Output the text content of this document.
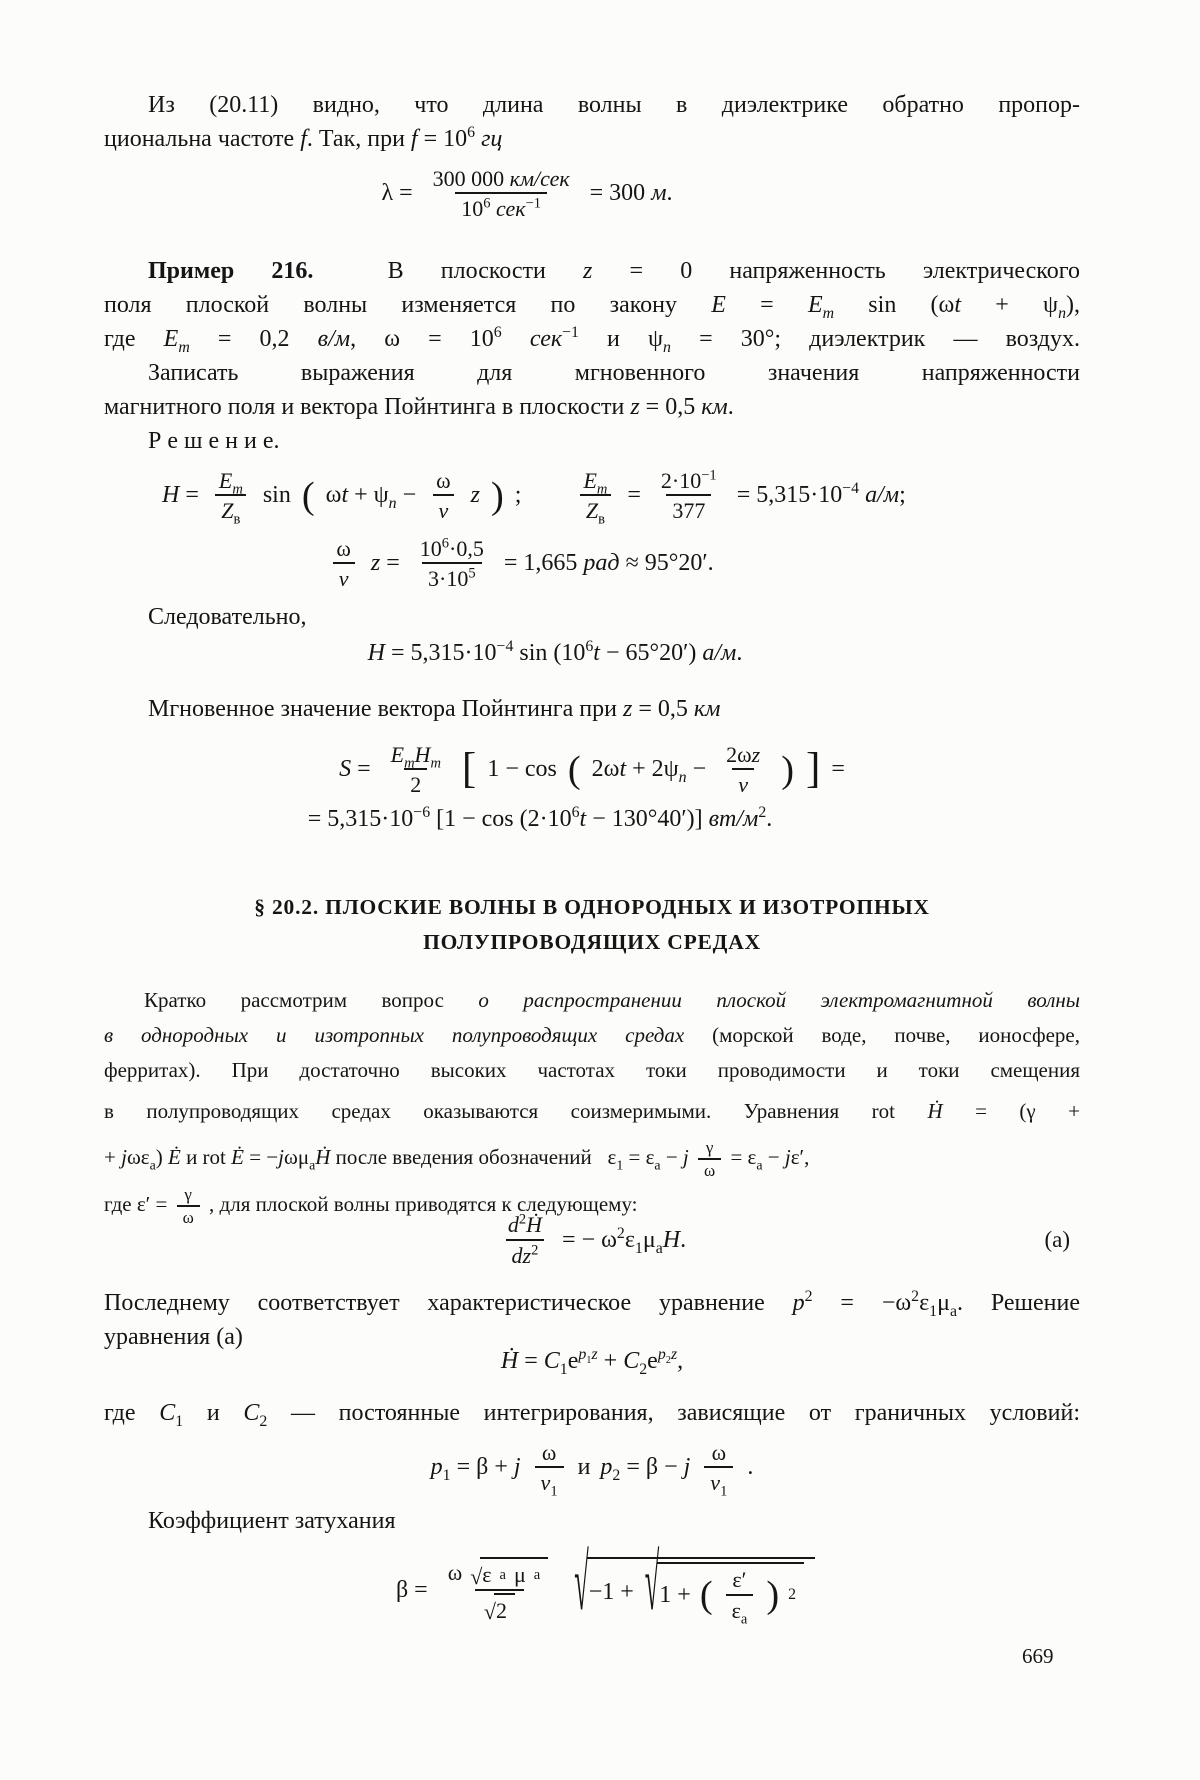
Из (20.11) видно, что длина волны в диэлектрике обратно пропор-
циональна частоте f. Так, при $f = 10^6$ гц
λ =
300 000 км/сек
$10^6$ сек$^{-1}$ = 300 м.
Пример 216.  В плоскости z = 0 напряженность электрического
поля плоской волны изменяется по закону $E = E_m$ $\sin (\omega t + \psi_n)$,
где $E_m = 0,2$ в/м, $\omega = 10^6$ сек$^{-1}$ и $\psi_n = 30^\circ$; диэлектрик — воздух.
Записать выражения для мгновенного значения напряженности
магнитного поля и вектора Пойнтинга в плоскости z = 0,5 км.
Р е ш е н и е.
H =
$E_m$
$Z_в$
sin ( $\omega t + \psi_n - \frac{\omega}{v}$ z ) ;
$E_m$
$Z_в$
= $\frac{2\cdot 10^{-1}}{377} = 5,315\cdot 10^{-4}$ а/м;
ω
v
$z = \frac{10^6\cdot 0,5}{3\cdot 10^5} = 1,665$ рад ≈ 95°20′.
Следовательно,
$H = 5,315\cdot 10^{-4}$ $\sin (10^6t - 65^\circ 20')$ а/м.
Мгновенное значение вектора Пойнтинга при z = 0,5 км
S =
$E_mH_m$
2
[
1 − cos ( $2\omega t + 2\psi_n - \frac{2\omega z}{v}$ ) ]	=
= $5,315\cdot 10^{-6}$ $[1 - \cos (2\cdot 10^6t - 130^\circ 40')]$ $вт/м^2$.
§ 20.2. ПЛОСКИЕ ВОЛНЫ В ОДНОРОДНЫХ И ИЗОТРОПНЫХ
ПОЛУПРОВОДЯЩИХ СРЕДАХ
Кратко рассмотрим вопрос о распространении плоской электромагнитной волны
в однородных и изотропных полупроводящих средах (морской воде, почве, ионосфере,
ферритах). При достаточно высоких частотах токи проводимости и токи смещения
в полупроводящих средах оказываются соизмеримыми. Уравнения rot Ḣ = (γ +
+ jωε$_а$) Ė и rot Ė = −jωμ$_а$Ḣ после введения обозначений   $\varepsilon_1 = \varepsilon_а - j \frac{\gamma}{\omega} = \varepsilon_а - j\varepsilon'$,
где $\varepsilon' = \frac{\gamma}{\omega}$ , для плоской волны приводятся к следующему:
$\frac{d^2Ḣ}{dz^2}$ = − $\omega^2\varepsilon_1\mu_аH$.	(а)
Последнему соответствует характеристическое уравнение $p^2 = -\omega^2\varepsilon_1\mu_а$. Решение
уравнения (а)
Ḣ = $C_1e^{p_1z} + C_2e^{p_2z}$,
где $C_1$ и $C_2$ — постоянные интегрирования, зависящие от граничных условий:
$p_1 = \beta + j$
ω
$v_1$
и $p_2 = \beta - j$
ω
$v_1$
.
Коэффициент затухания
β =
ω √ ε а μ а
√
2
√
−1 + √ 1 +
(
ε′
$\varepsilon_а$
)
2
669
